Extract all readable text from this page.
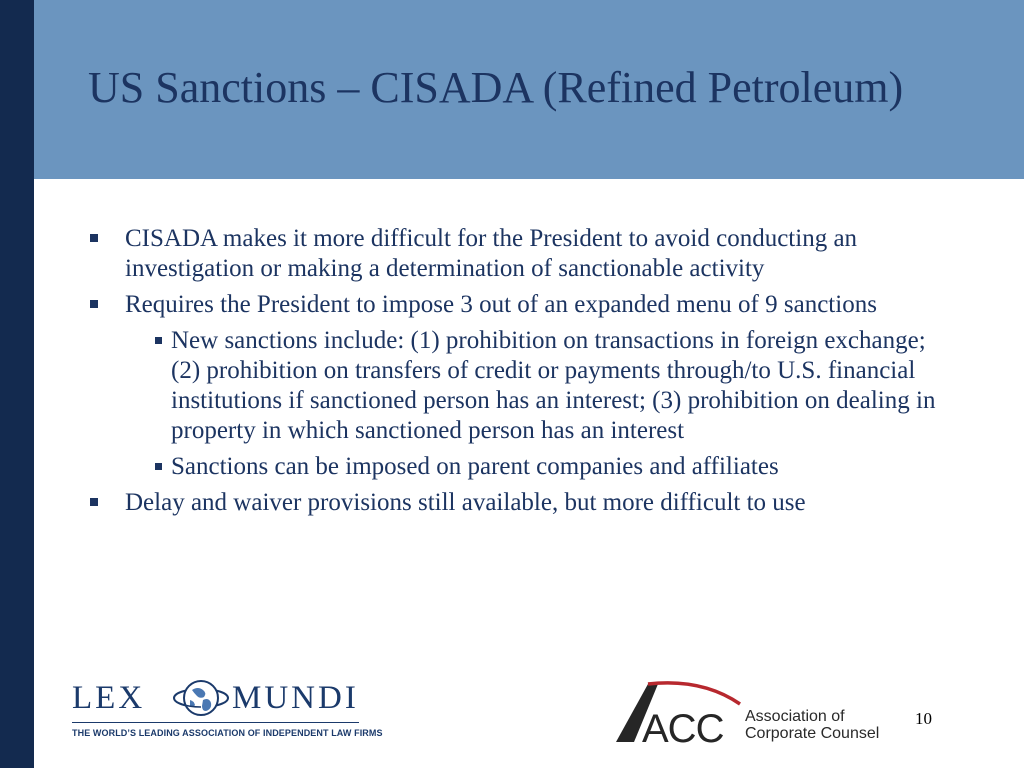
US Sanctions – CISADA (Refined Petroleum)
CISADA makes it more difficult for the President to avoid conducting an investigation or making a determination of sanctionable activity
Requires the President to impose 3 out of an expanded menu of 9 sanctions
New sanctions include: (1) prohibition on transactions in foreign exchange; (2) prohibition on transfers of credit or payments through/to U.S. financial institutions if sanctioned person has an interest; (3) prohibition on dealing in property in which sanctioned person has an interest
Sanctions can be imposed on parent companies and affiliates
Delay and waiver provisions still available, but more difficult to use
LEX	MUNDI
THE WORLD’S LEADING ASSOCIATION OF INDEPENDENT LAW FIRMS	ACC Association of
Corporate Counsel
10
